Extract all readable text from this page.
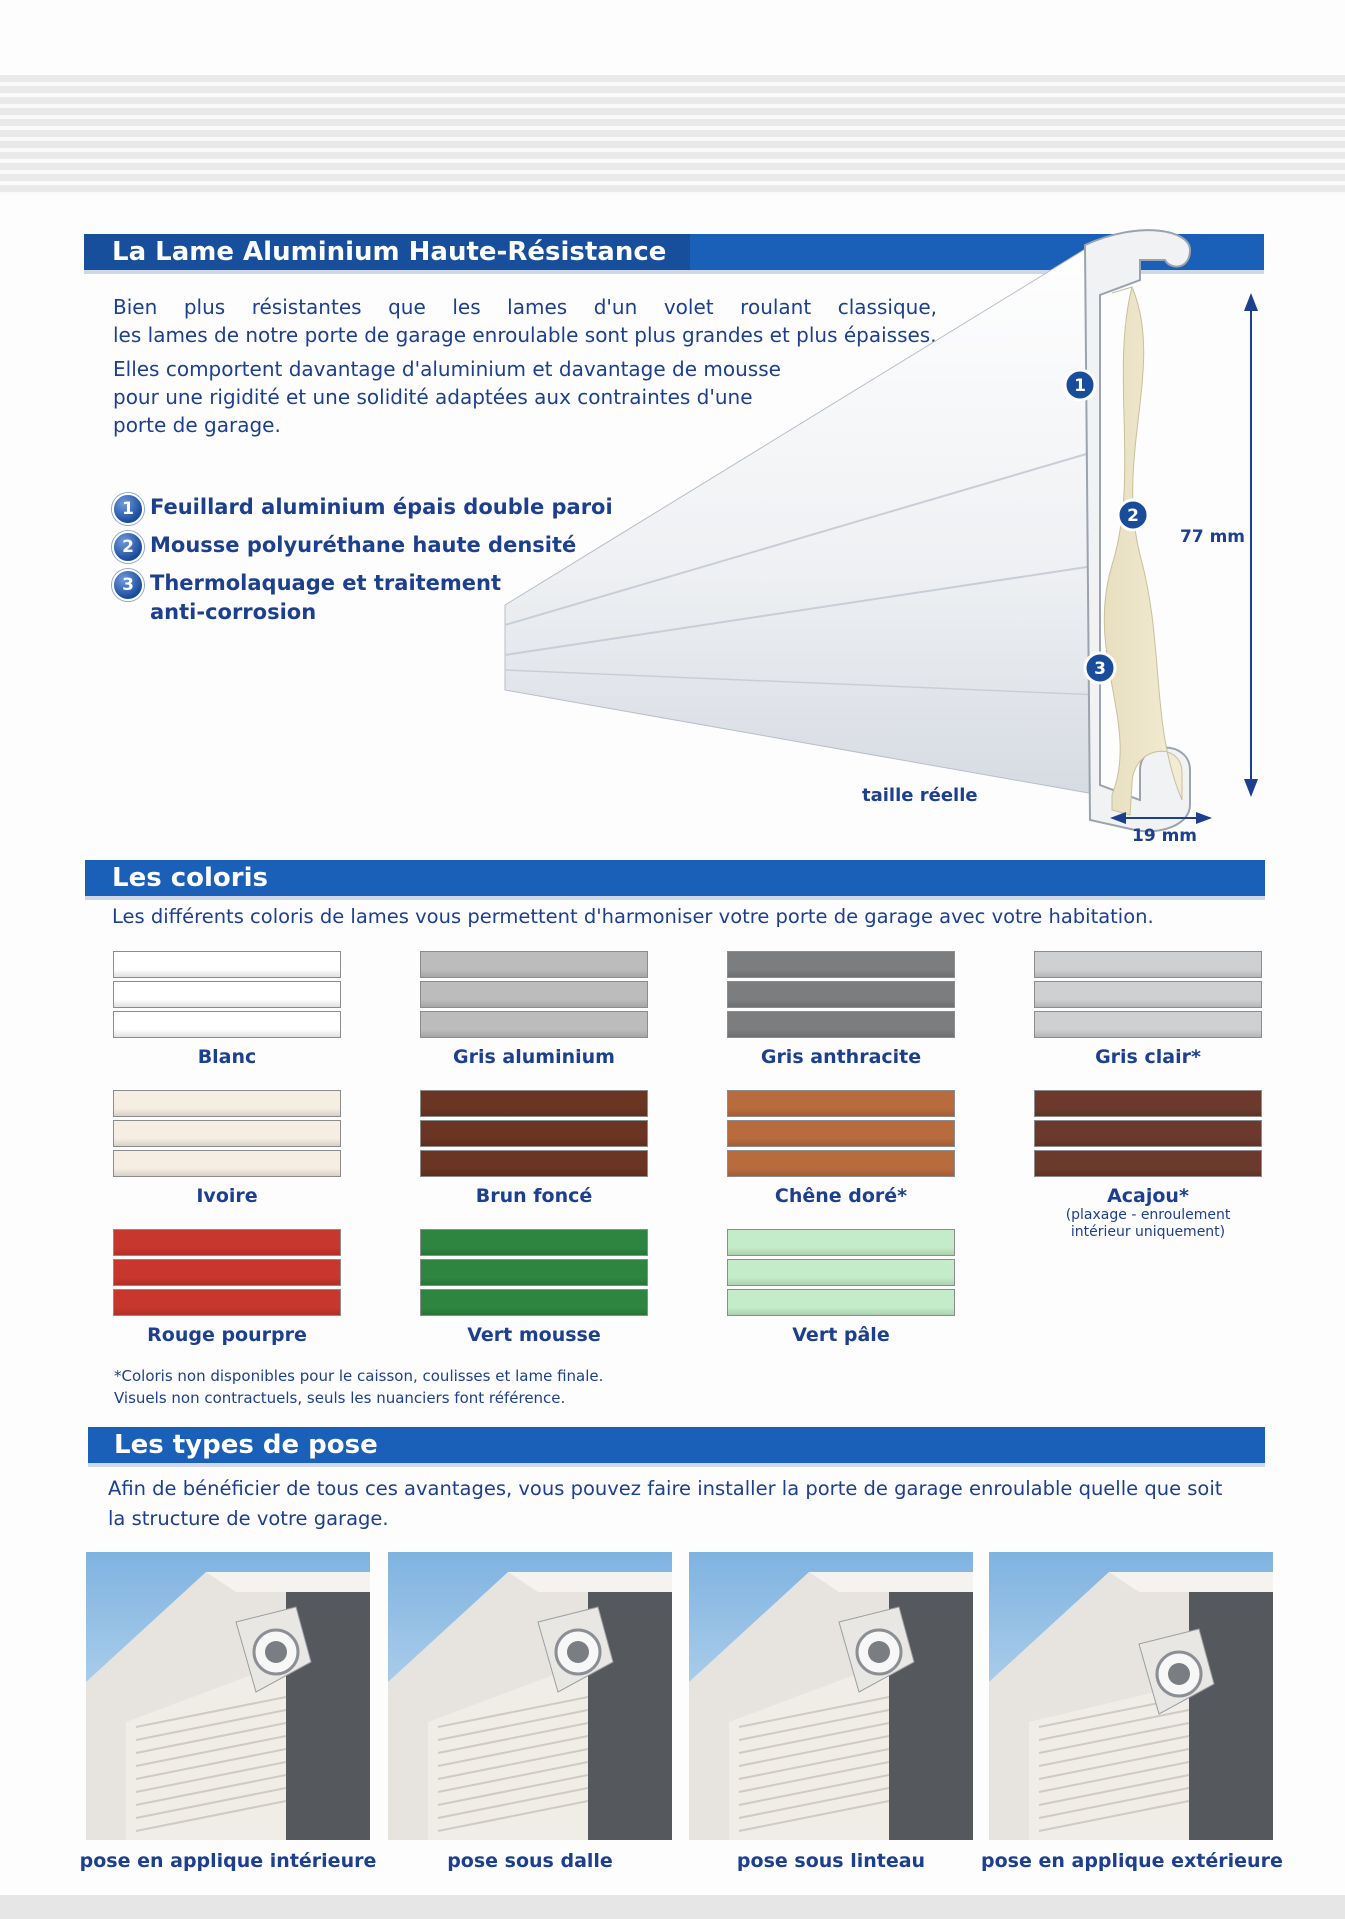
La Lame Aluminium Haute-Résistance
Bien plus résistantes que les lames d'un volet roulant classique,
les lames de notre porte de garage enroulable sont plus grandes et plus épaisses.
Elles comportent davantage d'aluminium et davantage de mousse
pour une rigidité et une solidité adaptées aux contraintes d'une
porte de garage.
1 Feuillard aluminium épais double paroi
2 Mousse polyuréthane haute densité
3 Thermolaquage et traitement
anti-corrosion
1
2
3
77 mm
19 mm
taille réelle
Les coloris
Les différents coloris de lames vous permettent d'harmoniser votre porte de garage avec votre habitation.
Blanc	Gris aluminium	Gris anthracite	Gris clair*
Ivoire	Brun foncé	Chêne doré*	Acajou*
(plaxage - enroulement
intérieur uniquement)
Rouge pourpre	Vert mousse	Vert pâle
*Coloris non disponibles pour le caisson, coulisses et lame finale.
Visuels non contractuels, seuls les nuanciers font référence.
Les types de pose
Afin de bénéficier de tous ces avantages, vous pouvez faire installer la porte de garage enroulable quelle que soit
la structure de votre garage.
pose en applique intérieure	pose sous dalle	pose sous linteau	pose en applique extérieure
